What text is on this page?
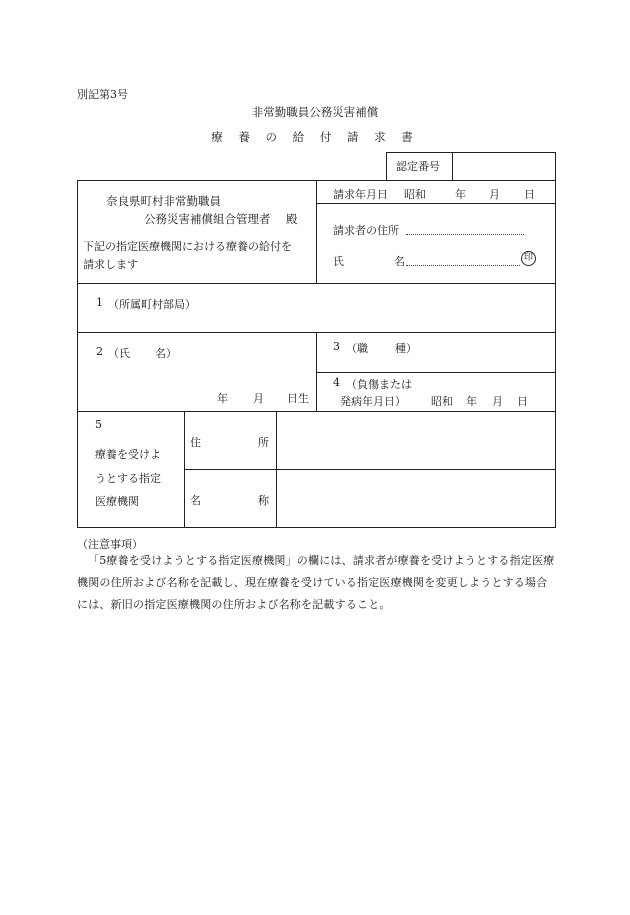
別記第3号
非常勤職員公務災害補償
療 養 の 給 付 請 求 書
認定番号
奈良県町村非常勤職員
公務災害補償組合管理者 殿
下記の指定医療機関における療養の給付を
請求します
請求年月日 昭和	年 月 日
請求者の住所
氏	名	印
1 （所属町村部局）
2 （氏 名）
年 月 日生
3 （職 種）
4 （負傷または
発病年月日） 昭和 年 月 日
5
療養を受けよ
うとする指定
医療機関
住	所
名	称
（注意事項）
「5療養を受けようとする指定医療機関」の欄には、請求者が療養を受けようとする指定医療機関の住所および名称を記載し、現在療養を受けている指定医療機関を変更しようとする場合には、新旧の指定医療機関の住所および名称を記載すること。
